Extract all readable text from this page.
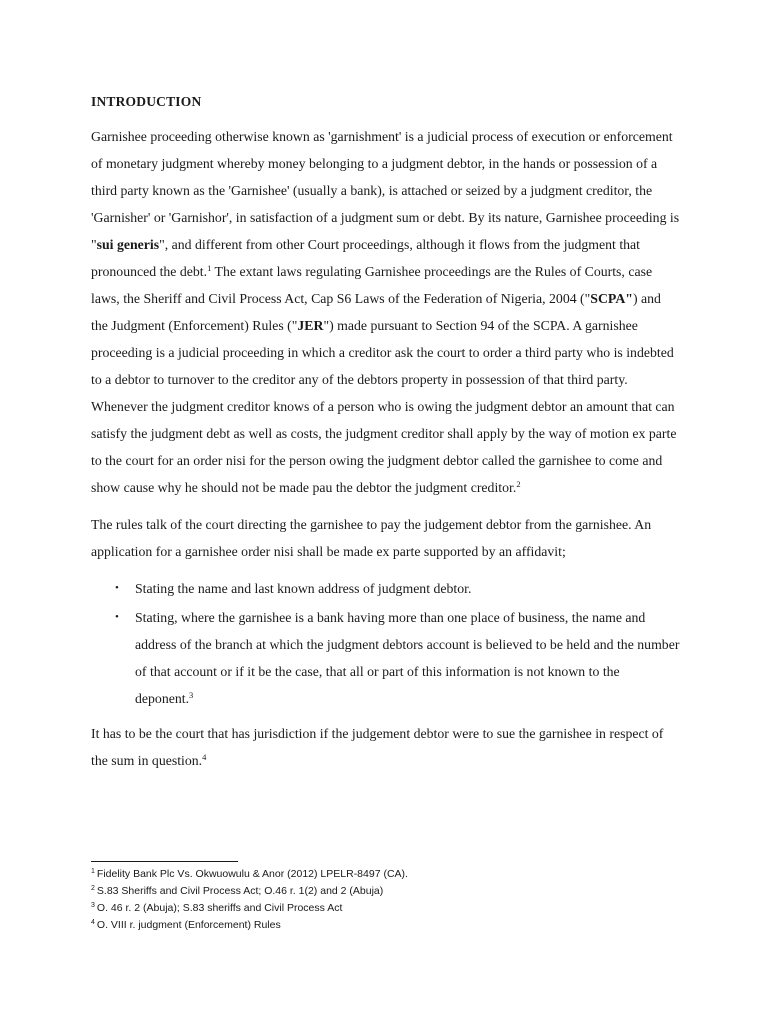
INTRODUCTION

Garnishee proceeding otherwise known as 'garnishment' is a judicial process of execution or enforcement of monetary judgment whereby money belonging to a judgment debtor, in the hands or possession of a third party known as the 'Garnishee' (usually a bank), is attached or seized by a judgment creditor, the 'Garnisher' or 'Garnishor', in satisfaction of a judgment sum or debt. By its nature, Garnishee proceeding is "sui generis", and different from other Court proceedings, although it flows from the judgment that pronounced the debt.$^1$ The extant laws regulating Garnishee proceedings are the Rules of Courts, case laws, the Sheriff and Civil Process Act, Cap S6 Laws of the Federation of Nigeria, 2004 ("SCPA") and the Judgment (Enforcement) Rules ("JER") made pursuant to Section 94 of the SCPA. A garnishee proceeding is a judicial proceeding in which a creditor ask the court to order a third party who is indebted to a debtor to turnover to the creditor any of the debtors property in possession of that third party. Whenever the judgment creditor knows of a person who is owing the judgment debtor an amount that can satisfy the judgment debt as well as costs, the judgment creditor shall apply by the way of motion ex parte to the court for an order nisi for the person owing the judgment debtor called the garnishee to come and show cause why he should not be made pau the debtor the judgment creditor.$^2$

The rules talk of the court directing the garnishee to pay the judgement debtor from the garnishee. An application for a garnishee order nisi shall be made ex parte supported by an affidavit;

• Stating the name and last known address of judgment debtor.
• Stating, where the garnishee is a bank having more than one place of business, the name and address of the branch at which the judgment debtors account is believed to be held and the number of that account or if it be the case, that all or part of this information is not known to the deponent.$^3$

It has to be the court that has jurisdiction if the judgement debtor were to sue the garnishee in respect of the sum in question.$^4$

$^1$ Fidelity Bank Plc Vs. Okwuowulu & Anor (2012) LPELR-8497 (CA).
$^2$ S.83 Sheriffs and Civil Process Act; O.46 r. 1(2) and 2 (Abuja)
$^3$ O. 46 r. 2 (Abuja); S.83 sheriffs and Civil Process Act
$^4$ O. VIII r. judgment (Enforcement) Rules
